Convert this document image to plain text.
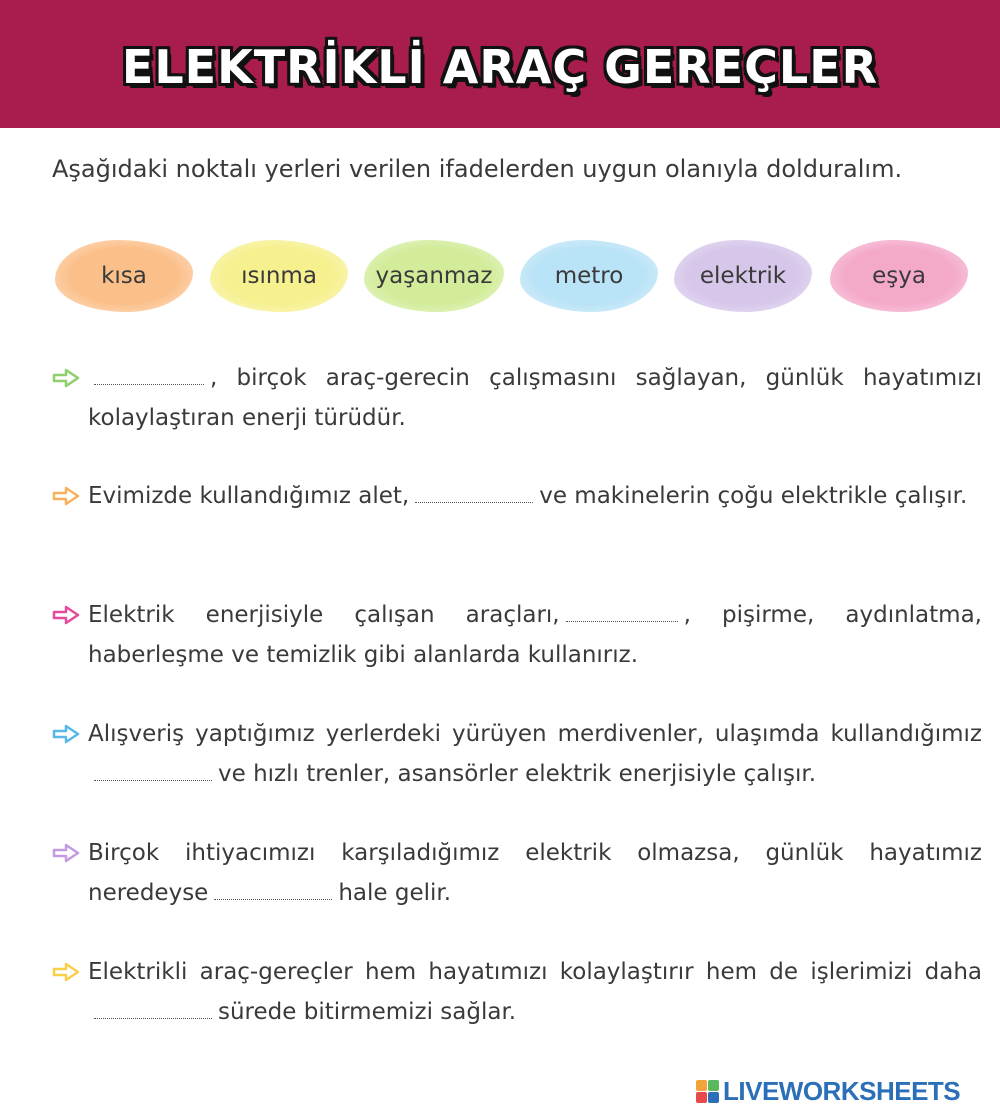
ELEKTRİKLİ ARAÇ GEREÇLER
Aşağıdaki noktalı yerleri verilen ifadelerden uygun olanıyla dolduralım.
kısa	ısınma	yaşanmaz	metro	elektrik	eşya
, birçok araç-gerecin çalışmasını sağlayan, günlük hayatımızı kolaylaştıran enerji türüdür.
Evimizde kullandığımız alet,	ve makinelerin çoğu elektrikle çalışır.
Elektrik enerjisiyle çalışan araçları,	, pişirme, aydınlatma, haberleşme ve temizlik gibi alanlarda kullanırız.
Alışveriş yaptığımız yerlerdeki yürüyen merdivenler, ulaşımda kullandığımızve hızlı trenler, asansörler elektrik enerjisiyle çalışır.
Birçok ihtiyacımızı karşıladığımız elektrik olmazsa, günlük hayatımız neredeyse	hale gelir.
Elektrikli araç-gereçler hem hayatımızı kolaylaştırır hem de işlerimizi dahasürede bitirmemizi sağlar.
LIVEWORKSHEETS
